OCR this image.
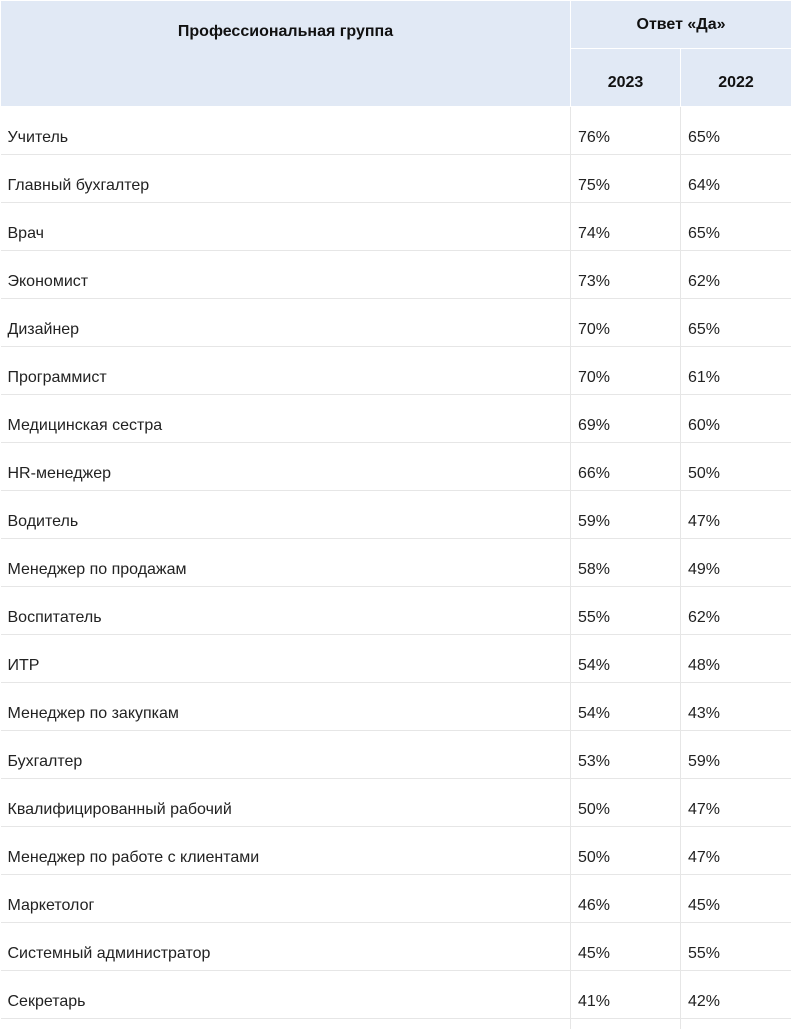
Профессиональная группа	Ответ «Да»	
	2023	2022
Учитель	76%	65%
Главный бухгалтер	75%	64%
Врач	74%	65%
Экономист	73%	62%
Дизайнер	70%	65%
Программист	70%	61%
Медицинская сестра	69%	60%
HR-менеджер	66%	50%
Водитель	59%	47%
Менеджер по продажам	58%	49%
Воспитатель	55%	62%
ИТР	54%	48%
Менеджер по закупкам	54%	43%
Бухгалтер	53%	59%
Квалифицированный рабочий	50%	47%
Менеджер по работе с клиентами	50%	47%
Маркетолог	46%	45%
Системный администратор	45%	55%
Секретарь	41%	42%
